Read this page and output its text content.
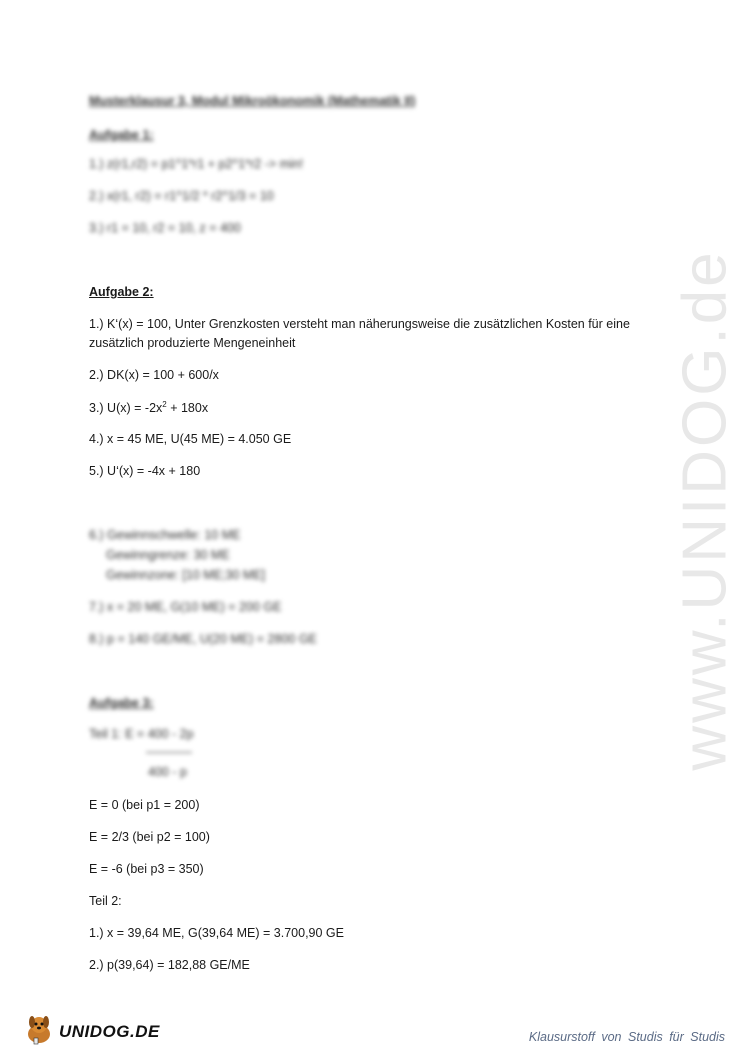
www.UNIDOG.de
Musterklausur 3, Modul Mikroökonomik (Mathematik II)
Aufgabe 1:
1.) z(r1,r2) = p1^1*r1 + p2^1*r2 -> min!
2.) x(r1, r2) = r1^1/2 * r2^1/3 = 10
3.) r1 = 10, r2 = 10, z = 400
Aufgabe 2:
1.) K‘(x) = 100, Unter Grenzkosten versteht man näherungsweise die zusätzlichen Kosten für eine
zusätzlich produzierte Mengeneinheit
2.) DK(x) = 100 + 600/x
3.) $U(x) = -2x^2 + 180x$
4.) x = 45 ME, U(45 ME) = 4.050 GE
5.) U‘(x) = -4x + 180
6.) Gewinnschwelle: 10 ME
Gewinngrenze: 30 ME
Gewinnzone: [10 ME;30 ME]
7.) x = 20 ME, G(10 ME) = 200 GE
8.) p = 140 GE/ME, U(20 ME) = 2800 GE
Aufgabe 3:
Teil 1: E = 400 - 2p
400 - p
E = 0 (bei p1 = 200)
E = 2/3 (bei p2 = 100)
E = -6 (bei p3 = 350)
Teil 2:
1.) x = 39,64 ME, G(39,64 ME) = 3.700,90 GE
2.) p(39,64) = 182,88 GE/ME
UNIDOG.DE	Klausurstoff von Studis für Studis
